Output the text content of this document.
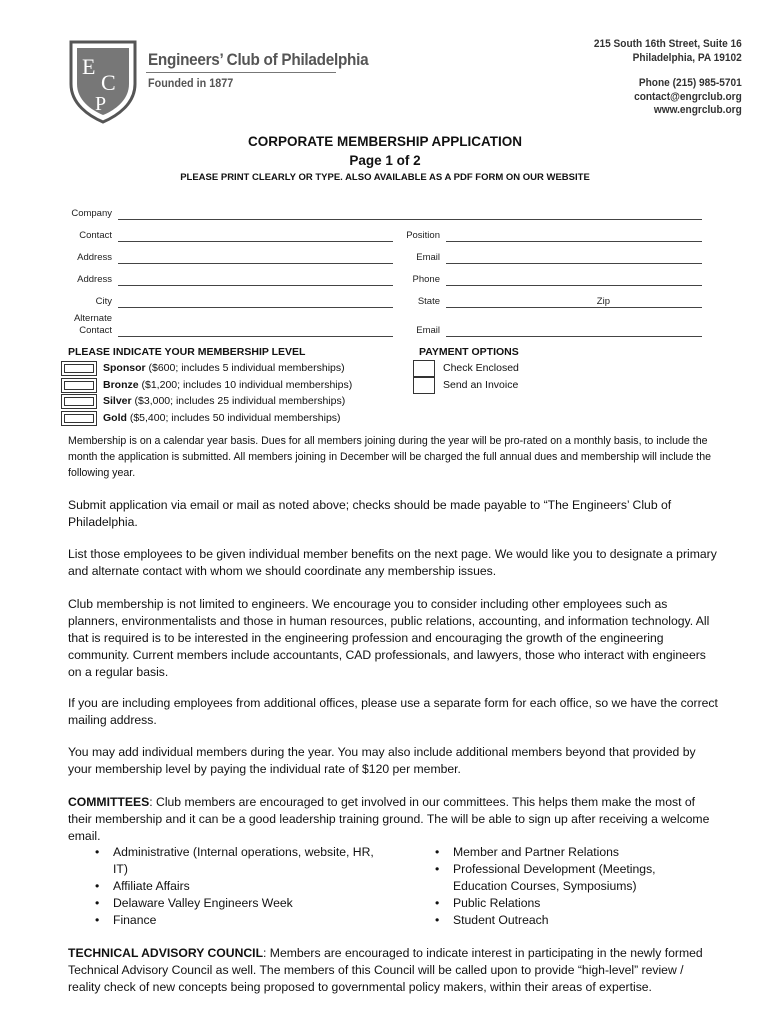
E
C
P
Engineers’ Club of Philadelphia
Founded in 1877
215 South 16th Street, Suite 16
Philadelphia, PA 19102
Phone (215) 985-5701
contact@engrclub.org
www.engrclub.org
CORPORATE MEMBERSHIP APPLICATION
Page 1 of 2
PLEASE PRINT CLEARLY OR TYPE. ALSO AVAILABLE AS A PDF FORM ON OUR WEBSITE
Company
Contact	Position
Address	Email
Address	Phone
City	State	Zip
Alternate
Contact	Email
PLEASE INDICATE YOUR MEMBERSHIP LEVEL
Sponsor ($600; includes 5 individual memberships)
Bronze ($1,200; includes 10 individual memberships)
Silver ($3,000; includes 25 individual memberships)
Gold ($5,400; includes 50 individual memberships)
PAYMENT OPTIONS
Check Enclosed
Send an Invoice
Membership is on a calendar year basis. Dues for all members joining during the year will be pro-rated on a monthly basis, to include the month the application is submitted. All members joining in December will be charged the full annual dues and membership will include the following year.
Submit application via email or mail as noted above; checks should be made payable to “The Engineers’ Club of Philadelphia.
List those employees to be given individual member benefits on the next page. We would like you to designate a primary and alternate contact with whom we should coordinate any membership issues.
Club membership is not limited to engineers. We encourage you to consider including other employees such as planners, environmentalists and those in human resources, public relations, accounting, and information technology. All that is required is to be interested in the engineering profession and encouraging the growth of the engineering community. Current members include accountants, CAD professionals, and lawyers, those who interact with engineers on a regular basis.
If you are including employees from additional offices, please use a separate form for each office, so we have the correct mailing address.
You may add individual members during the year. You may also include additional members beyond that provided by your membership level by paying the individual rate of $120 per member.
COMMITTEES: Club members are encouraged to get involved in our committees. This helps them make the most of their membership and it can be a good leadership training ground. The will be able to sign up after receiving a welcome email.
• Administrative (Internal operations, website, HR, IT)
• Affiliate Affairs
• Delaware Valley Engineers Week
• Finance
• Member and Partner Relations
• Professional Development (Meetings, Education Courses, Symposiums)
• Public Relations
• Student Outreach
TECHNICAL ADVISORY COUNCIL: Members are encouraged to indicate interest in participating in the newly formed Technical Advisory Council as well. The members of this Council will be called upon to provide “high-level” review / reality check of new concepts being proposed to governmental policy makers, within their areas of expertise.
